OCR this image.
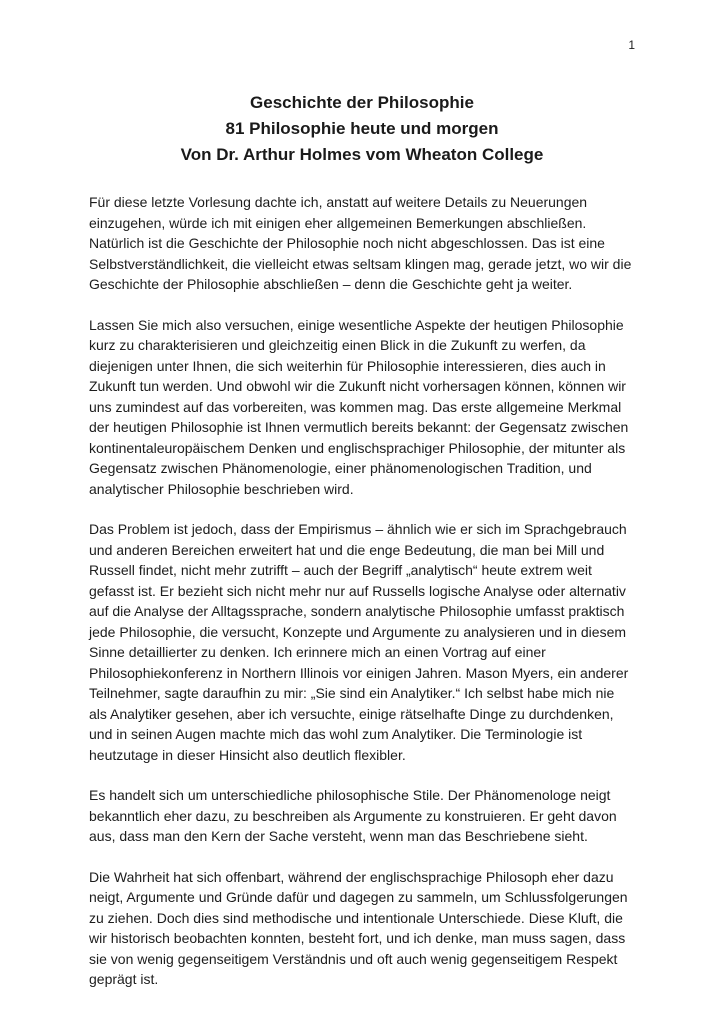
1
Geschichte der Philosophie
81 Philosophie heute und morgen
Von Dr. Arthur Holmes vom Wheaton College

Für diese letzte Vorlesung dachte ich, anstatt auf weitere Details zu Neuerungen einzugehen, würde ich mit einigen eher allgemeinen Bemerkungen abschließen. Natürlich ist die Geschichte der Philosophie noch nicht abgeschlossen. Das ist eine Selbstverständlichkeit, die vielleicht etwas seltsam klingen mag, gerade jetzt, wo wir die Geschichte der Philosophie abschließen – denn die Geschichte geht ja weiter.

Lassen Sie mich also versuchen, einige wesentliche Aspekte der heutigen Philosophie kurz zu charakterisieren und gleichzeitig einen Blick in die Zukunft zu werfen, da diejenigen unter Ihnen, die sich weiterhin für Philosophie interessieren, dies auch in Zukunft tun werden. Und obwohl wir die Zukunft nicht vorhersagen können, können wir uns zumindest auf das vorbereiten, was kommen mag. Das erste allgemeine Merkmal der heutigen Philosophie ist Ihnen vermutlich bereits bekannt: der Gegensatz zwischen kontinentaleuropäischem Denken und englischsprachiger Philosophie, der mitunter als Gegensatz zwischen Phänomenologie, einer phänomenologischen Tradition, und analytischer Philosophie beschrieben wird.

Das Problem ist jedoch, dass der Empirismus – ähnlich wie er sich im Sprachgebrauch und anderen Bereichen erweitert hat und die enge Bedeutung, die man bei Mill und Russell findet, nicht mehr zutrifft – auch der Begriff „analytisch“ heute extrem weit gefasst ist. Er bezieht sich nicht mehr nur auf Russells logische Analyse oder alternativ auf die Analyse der Alltagssprache, sondern analytische Philosophie umfasst praktisch jede Philosophie, die versucht, Konzepte und Argumente zu analysieren und in diesem Sinne detaillierter zu denken. Ich erinnere mich an einen Vortrag auf einer Philosophiekonferenz in Northern Illinois vor einigen Jahren. Mason Myers, ein anderer Teilnehmer, sagte daraufhin zu mir: „Sie sind ein Analytiker.“ Ich selbst habe mich nie als Analytiker gesehen, aber ich versuchte, einige rätselhafte Dinge zu durchdenken, und in seinen Augen machte mich das wohl zum Analytiker. Die Terminologie ist heutzutage in dieser Hinsicht also deutlich flexibler.

Es handelt sich um unterschiedliche philosophische Stile. Der Phänomenologe neigt bekanntlich eher dazu, zu beschreiben als Argumente zu konstruieren. Er geht davon aus, dass man den Kern der Sache versteht, wenn man das Beschriebene sieht.

Die Wahrheit hat sich offenbart, während der englischsprachige Philosoph eher dazu neigt, Argumente und Gründe dafür und dagegen zu sammeln, um Schlussfolgerungen zu ziehen. Doch dies sind methodische und intentionale Unterschiede. Diese Kluft, die wir historisch beobachten konnten, besteht fort, und ich denke, man muss sagen, dass sie von wenig gegenseitigem Verständnis und oft auch wenig gegenseitigem Respekt geprägt ist.
